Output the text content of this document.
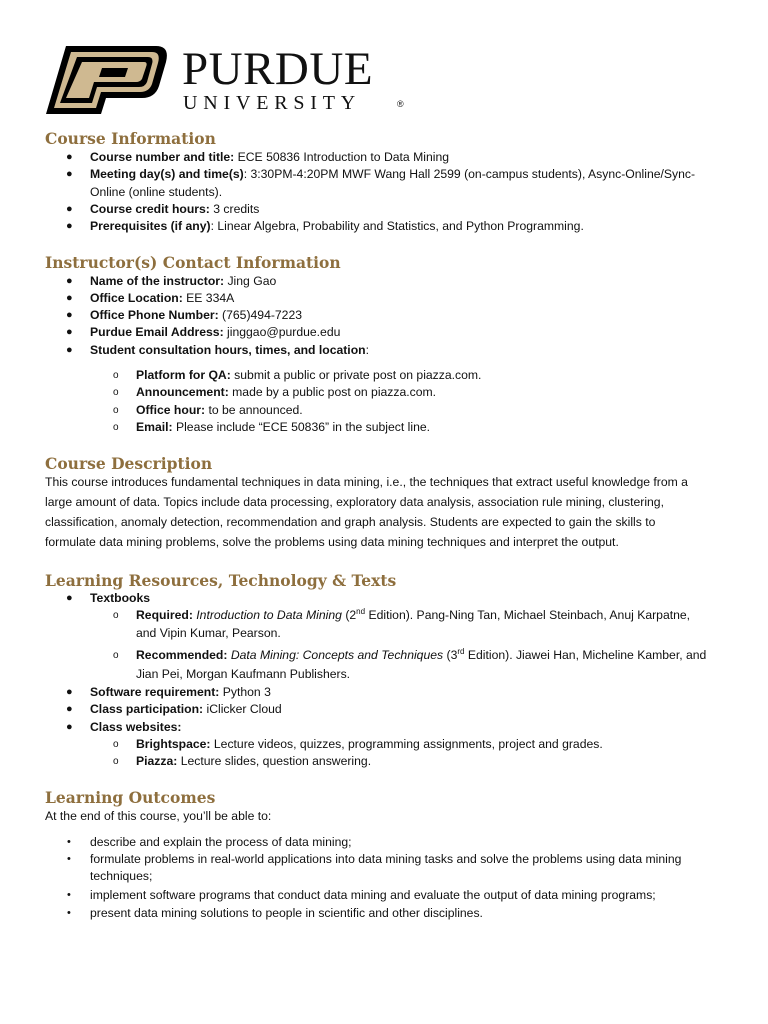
PURDUE
UNIVERSITY	®
Course Information
● Course number and title: ECE 50836 Introduction to Data Mining

● Meeting day(s) and time(s): 3:30PM-4:20PM MWF Wang Hall 2599 (on-campus students), Async-Online/Sync-

Online (online students).

● Course credit hours: 3 credits

● Prerequisites (if any): Linear Algebra, Probability and Statistics, and Python Programming.

Instructor(s) Contact Information
● Name of the instructor: Jing Gao

● Office Location: EE 334A

● Office Phone Number: (765)494-7223

● Purdue Email Address: jinggao@purdue.edu

● Student consultation hours, times, and location:

o Platform for QA: submit a public or private post on piazza.com.

o Announcement: made by a public post on piazza.com.

o Office hour: to be announced.

o Email: Please include “ECE 50836” in the subject line.

Course Description

This course introduces fundamental techniques in data mining, i.e., the techniques that extract useful knowledge from a

large amount of data. Topics include data processing, exploratory data analysis, association rule mining, clustering,

classification, anomaly detection, recommendation and graph analysis. Students are expected to gain the skills to

formulate data mining problems, solve the problems using data mining techniques and interpret the output.

Learning Resources, Technology & Texts
● Textbooks

o Required: Introduction to Data Mining (2nd Edition). Pang-Ning Tan, Michael Steinbach, Anuj Karpatne,

and Vipin Kumar, Pearson.

o Recommended: Data Mining: Concepts and Techniques (3rd Edition). Jiawei Han, Micheline Kamber, and

Jian Pei, Morgan Kaufmann Publishers.

● Software requirement: Python 3

● Class participation: iClicker Cloud

● Class websites:

o Brightspace: Lecture videos, quizzes, programming assignments, project and grades.

o Piazza: Lecture slides, question answering.

Learning Outcomes

At the end of this course, you’ll be able to:

• describe and explain the process of data mining;

• formulate problems in real-world applications into data mining tasks and solve the problems using data mining

techniques;

• implement software programs that conduct data mining and evaluate the output of data mining programs;

• present data mining solutions to people in scientific and other disciplines.
